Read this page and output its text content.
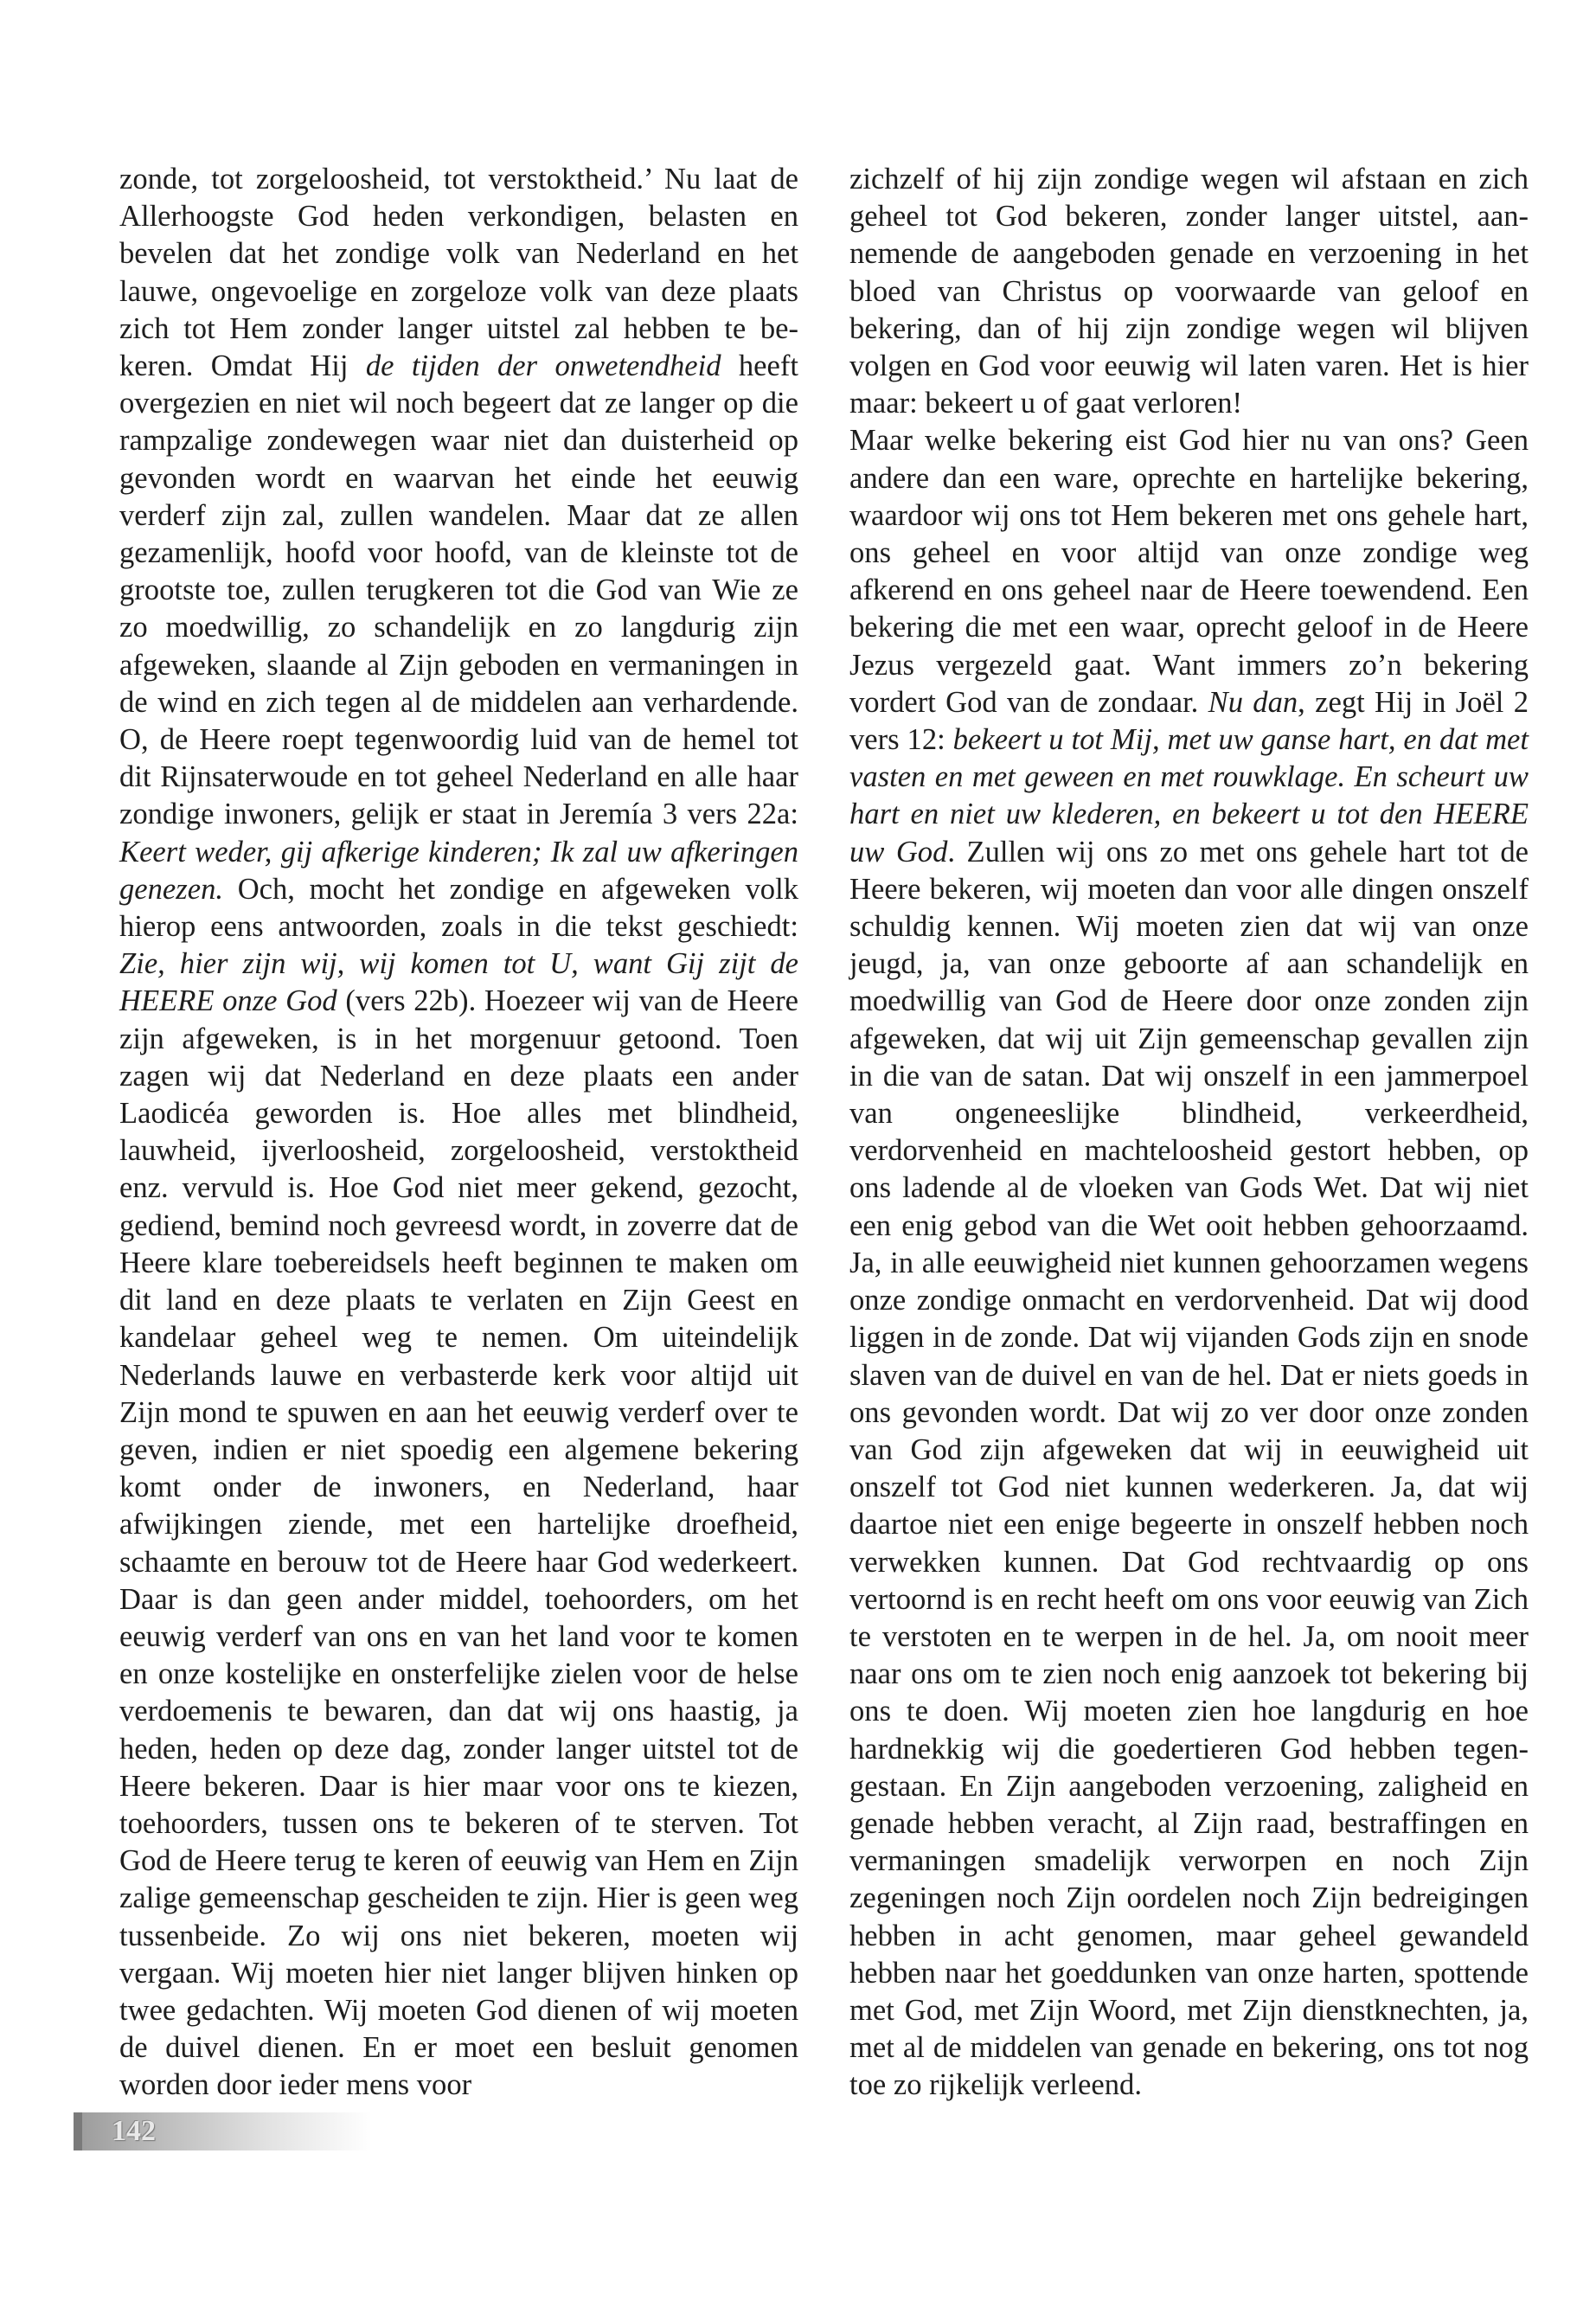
zonde, tot zorgeloosheid, tot verstoktheid.’ Nu laat de Allerhoogste God heden verkondigen, belasten en bevelen dat het zondige volk van Nederland en het lauwe, ongevoelige en zorgeloze volk van deze plaats zich tot Hem zonder langer uitstel zal hebben te bekeren. Omdat Hij de tijden der onwetendheid heeft overgezien en niet wil noch begeert dat ze langer op die rampzalige zondewegen waar niet dan duisterheid op gevonden wordt en waarvan het einde het eeuwig verderf zijn zal, zullen wandelen. Maar dat ze allen gezamenlijk, hoofd voor hoofd, van de kleinste tot de grootste toe, zullen terugkeren tot die God van Wie ze zo moedwillig, zo schandelijk en zo langdurig zijn afgeweken, slaande al Zijn geboden en vermaningen in de wind en zich tegen al de middelen aan verhardende. O, de Heere roept tegenwoordig luid van de hemel tot dit Rijnsaterwoude en tot geheel Nederland en alle haar zondige inwoners, gelijk er staat in Jeremía 3 vers 22a: Keert weder, gij afkerige kinderen; Ik zal uw afkeringen genezen. Och, mocht het zondige en afgeweken volk hierop eens antwoorden, zoals in die tekst geschiedt: Zie, hier zijn wij, wij komen tot U, want Gij zijt de HEERE onze God (vers 22b). Hoezeer wij van de Heere zijn afgeweken, is in het morgenuur getoond. Toen zagen wij dat Nederland en deze plaats een ander Laodicéa geworden is. Hoe alles met blindheid, lauwheid, ijverloosheid, zorgeloosheid, verstoktheid enz. vervuld is. Hoe God niet meer gekend, gezocht, gediend, bemind noch gevreesd wordt, in zoverre dat de Heere klare toebereidsels heeft beginnen te maken om dit land en deze plaats te verlaten en Zijn Geest en kandelaar geheel weg te nemen. Om uiteindelijk Nederlands lauwe en verbasterde kerk voor altijd uit Zijn mond te spuwen en aan het eeuwig verderf over te geven, indien er niet spoedig een algemene bekering komt onder de inwoners, en Nederland, haar afwijkingen ziende, met een hartelijke droefheid, schaamte en berouw tot de Heere haar God wederkeert. Daar is dan geen ander middel, toehoorders, om het eeuwig verderf van ons en van het land voor te komen en onze kostelijke en onsterfelijke zielen voor de helse verdoemenis te bewaren, dan dat wij ons haastig, ja heden, heden op deze dag, zonder langer uitstel tot de Heere bekeren. Daar is hier maar voor ons te kiezen, toehoorders, tussen ons te bekeren of te sterven. Tot God de Heere terug te keren of eeuwig van Hem en Zijn zalige gemeenschap gescheiden te zijn. Hier is geen weg tussenbeide. Zo wij ons niet bekeren, moeten wij vergaan. Wij moeten hier niet langer blijven hinken op twee gedachten. Wij moeten God dienen of wij moeten de duivel dienen. En er moet een besluit genomen worden door ieder mens voor

zichzelf of hij zijn zondige wegen wil afstaan en zich geheel tot God bekeren, zonder langer uitstel, aannemende de aangeboden genade en verzoening in het bloed van Christus op voorwaarde van geloof en bekering, dan of hij zijn zondige wegen wil blijven volgen en God voor eeuwig wil laten varen. Het is hier maar: bekeert u of gaat verloren!

Maar welke bekering eist God hier nu van ons? Geen andere dan een ware, oprechte en hartelijke bekering, waardoor wij ons tot Hem bekeren met ons gehele hart, ons geheel en voor altijd van onze zondige weg afkerend en ons geheel naar de Heere toewendend. Een bekering die met een waar, oprecht geloof in de Heere Jezus vergezeld gaat. Want immers zo’n bekering vordert God van de zondaar. Nu dan, zegt Hij in Joël 2 vers 12: bekeert u tot Mij, met uw ganse hart, en dat met vasten en met geween en met rouwklage. En scheurt uw hart en niet uw klederen, en bekeert u tot den HEERE uw God. Zullen wij ons zo met ons gehele hart tot de Heere bekeren, wij moeten dan voor alle dingen onszelf schuldig kennen. Wij moeten zien dat wij van onze jeugd, ja, van onze geboorte af aan schandelijk en moedwillig van God de Heere door onze zonden zijn afgeweken, dat wij uit Zijn gemeenschap gevallen zijn in die van de satan. Dat wij onszelf in een jammerpoel van ongeneeslijke blindheid, verkeerdheid, verdorvenheid en machteloosheid gestort hebben, op ons ladende al de vloeken van Gods Wet. Dat wij niet een enig gebod van die Wet ooit hebben gehoorzaamd. Ja, in alle eeuwigheid niet kunnen gehoorzamen wegens onze zondige onmacht en verdorvenheid. Dat wij dood liggen in de zonde. Dat wij vijanden Gods zijn en snode slaven van de duivel en van de hel. Dat er niets goeds in ons gevonden wordt. Dat wij zo ver door onze zonden van God zijn afgeweken dat wij in eeuwigheid uit onszelf tot God niet kunnen wederkeren. Ja, dat wij daartoe niet een enige begeerte in onszelf hebben noch verwekken kunnen. Dat God rechtvaardig op ons vertoornd is en recht heeft om ons voor eeuwig van Zich te verstoten en te werpen in de hel. Ja, om nooit meer naar ons om te zien noch enig aanzoek tot bekering bij ons te doen. Wij moeten zien hoe langdurig en hoe hardnekkig wij die goedertieren God hebben tegengestaan. En Zijn aangeboden verzoening, zaligheid en genade hebben veracht, al Zijn raad, bestraffingen en vermaningen smadelijk verworpen en noch Zijn zegeningen noch Zijn oordelen noch Zijn bedreigingen hebben in acht genomen, maar geheel gewandeld hebben naar het goeddunken van onze harten, spottende met God, met Zijn Woord, met Zijn dienstknechten, ja, met al de middelen van genade en bekering, ons tot nog toe zo rijkelijk verleend.

142
